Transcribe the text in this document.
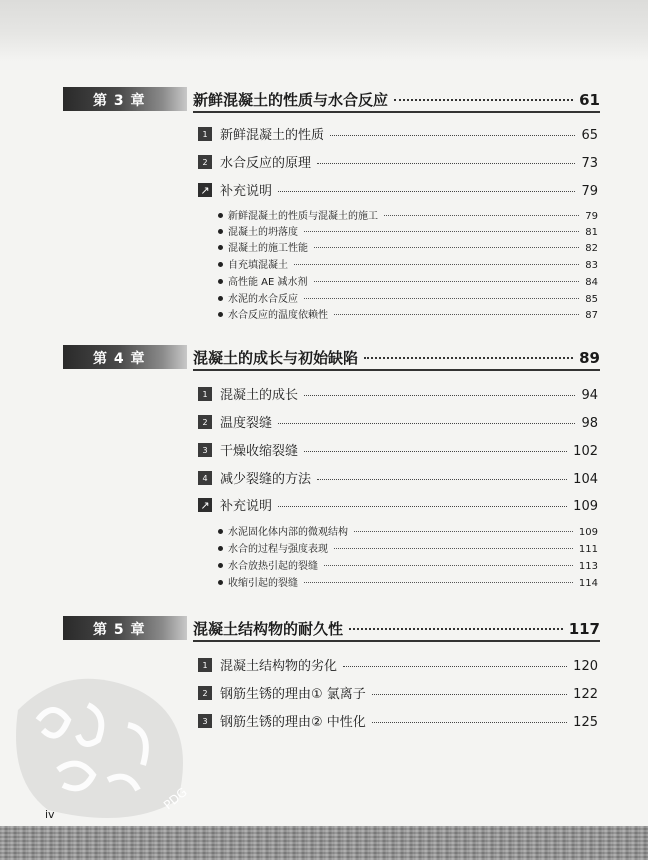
第 3 章	新鲜混凝土的性质与水合反应	61
1 新鲜混凝土的性质	65
2 水合反应的原理	73
↗ 补充说明	79
新鲜混凝土的性质与混凝土的施工	79
混凝土的坍落度	81
混凝土的施工性能	82
自充填混凝土	83
高性能 AE 减水剂	84
水泥的水合反应	85
水合反应的温度依赖性	87
第 4 章	混凝土的成长与初始缺陷	89
1 混凝土的成长	94
2 温度裂缝	98
3 干燥收缩裂缝	102
4 减少裂缝的方法	104
↗ 补充说明	109
水泥固化体内部的微观结构	109
水合的过程与强度表现	111
水合放热引起的裂缝	113
收缩引起的裂缝	114
第 5 章	混凝土结构物的耐久性	117
1 混凝土结构物的劣化	120
2 钢筋生锈的理由① 氯离子	122
3 钢筋生锈的理由② 中性化	125
PDG
iv
